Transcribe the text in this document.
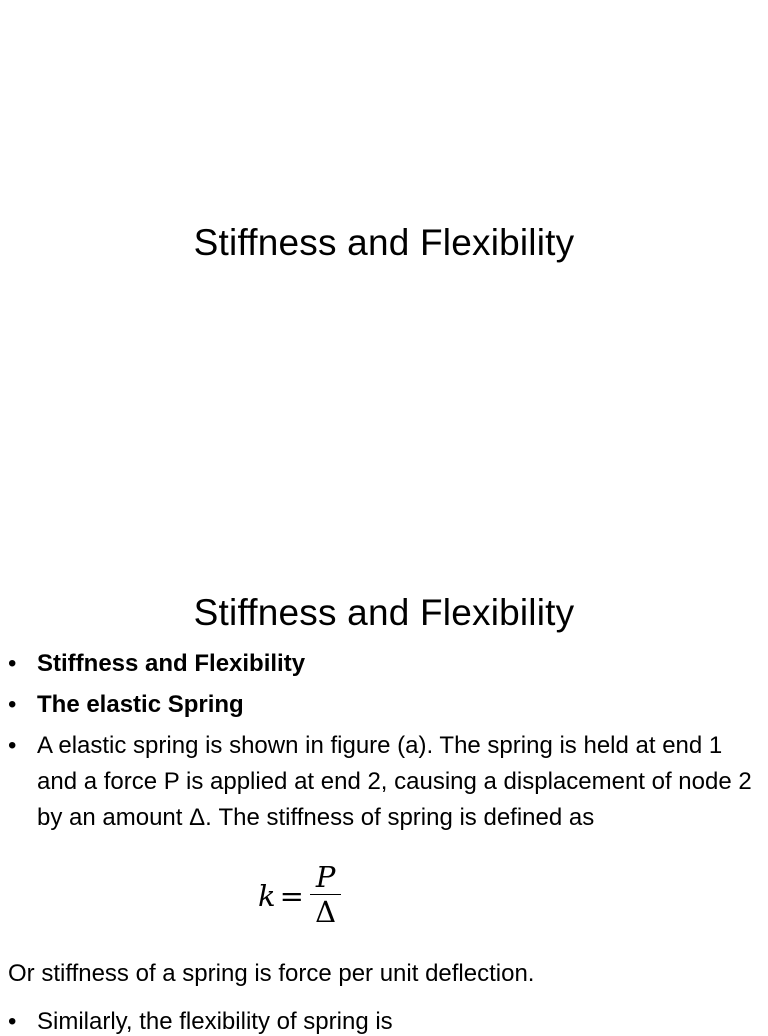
Stiffness and Flexibility
Stiffness and Flexibility
• Stiffness and Flexibility
• The elastic Spring
• A elastic spring is shown in figure (a). The spring is held at end 1 and a force P is applied at end 2, causing a displacement of node 2 by an amount Δ. The stiffness of spring is defined as
$k = \frac{P}{\Delta}$
Or stiffness of a spring is force per unit deflection.
• Similarly, the flexibility of spring is
